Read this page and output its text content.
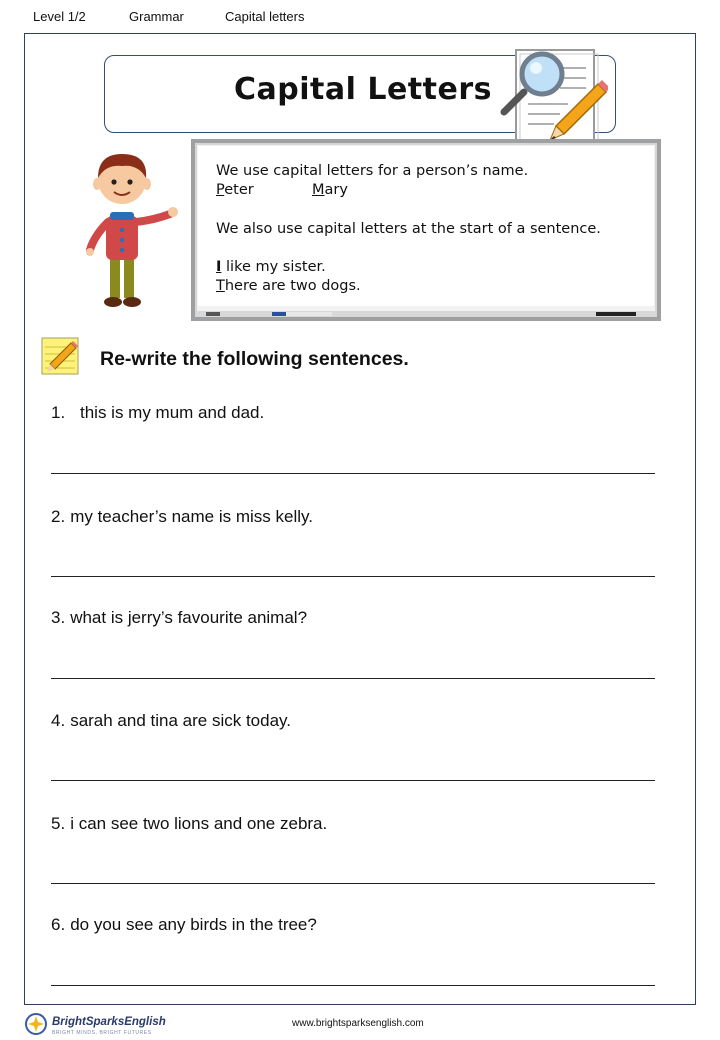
Level 1/2	Grammar	Capital letters
Capital Letters
We use capital letters for a person’s name.
Peter	Mary
We also use capital letters at the start of a sentence.
I like my sister.
There are two dogs.
Re-write the following sentences.
1. this is my mum and dad.
2. my teacher’s name is miss kelly.
3. what is jerry’s favourite animal?
4. sarah and tina are sick today.
5. i can see two lions and one zebra.
6. do you see any birds in the tree?
BrightSparksEnglish
BRIGHT MINDS, BRIGHT FUTURES
www.brightsparksenglish.com
